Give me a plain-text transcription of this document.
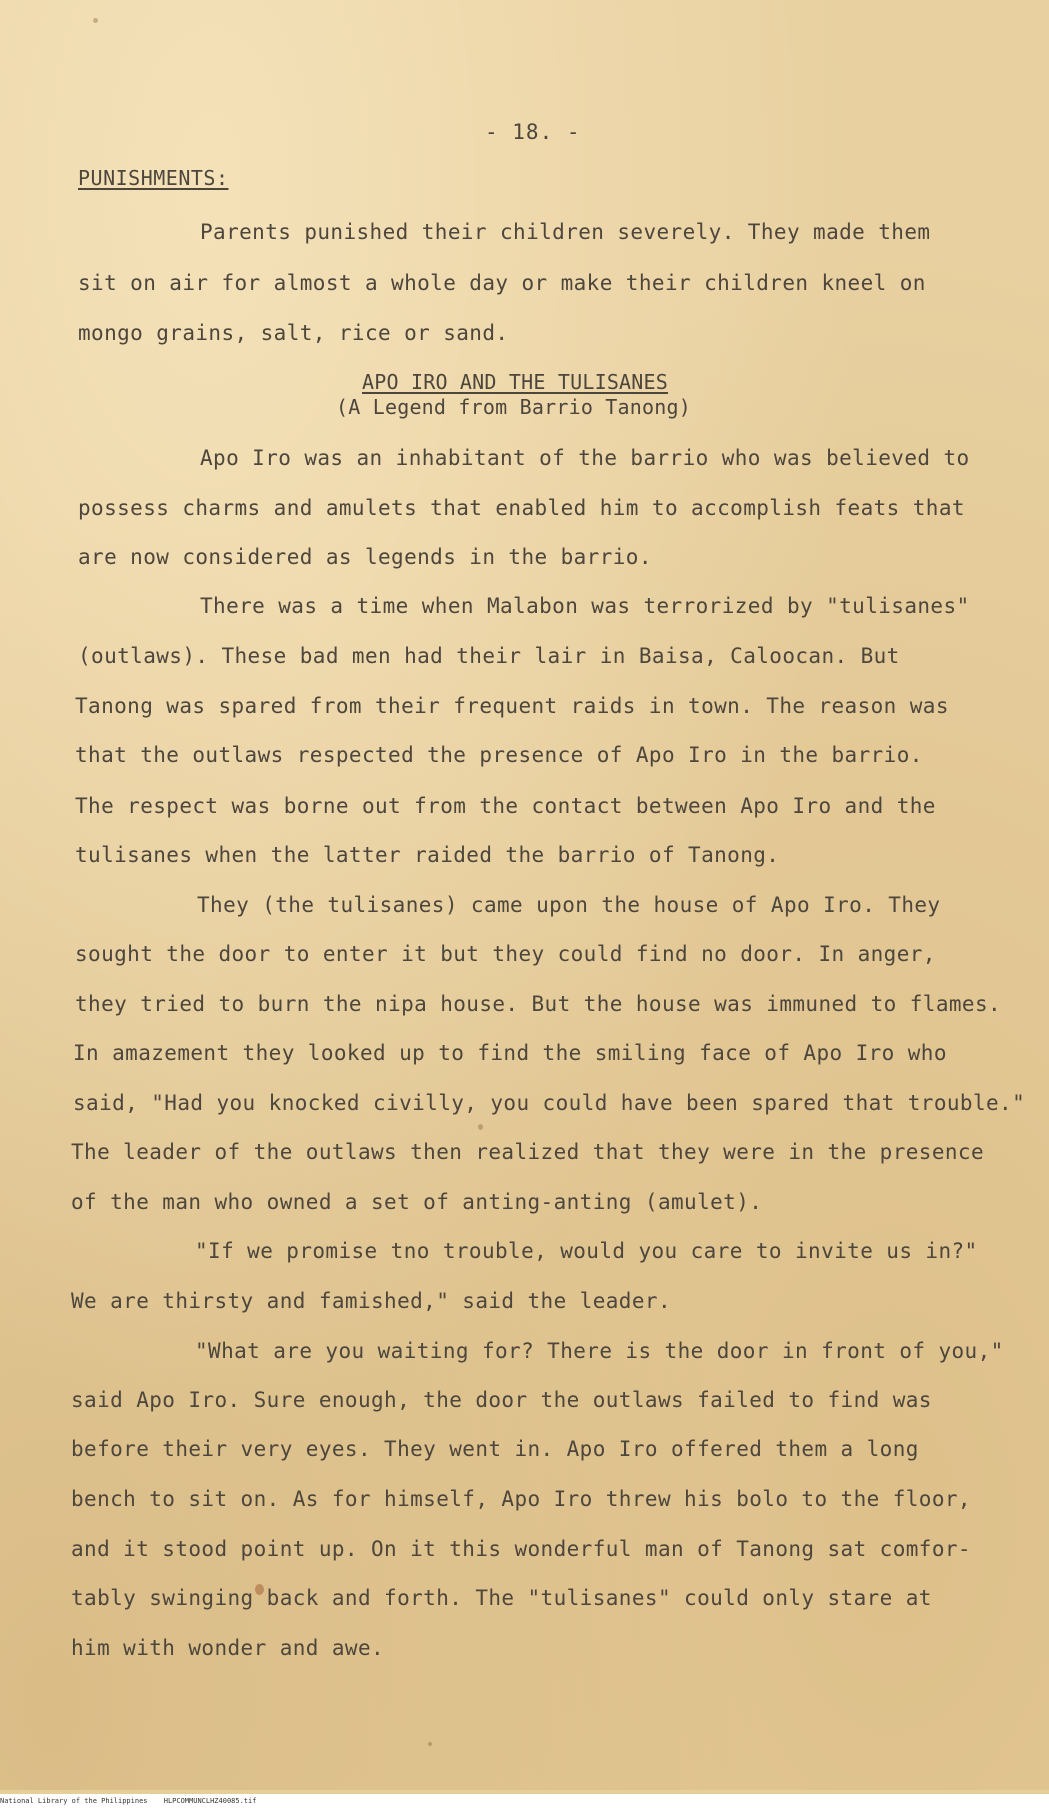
- 18. -
PUNISHMENTS:
Parents punished their children severely. They made them
sit on air for almost a whole day or make their children kneel on
mongo grains, salt, rice or sand.
APO IRO AND THE TULISANES
(A Legend from Barrio Tanong)
Apo Iro was an inhabitant of the barrio who was believed to
possess charms and amulets that enabled him to accomplish feats that
are now considered as legends in the barrio.
There was a time when Malabon was terrorized by "tulisanes"
(outlaws). These bad men had their lair in Baisa, Caloocan. But
Tanong was spared from their frequent raids in town. The reason was
that the outlaws respected the presence of Apo Iro in the barrio.
The respect was borne out from the contact between Apo Iro and the
tulisanes when the latter raided the barrio of Tanong.
They (the tulisanes) came upon the house of Apo Iro. They
sought the door to enter it but they could find no door. In anger,
they tried to burn the nipa house. But the house was immuned to flames.
In amazement they looked up to find the smiling face of Apo Iro who
said, "Had you knocked civilly, you could have been spared that trouble."
The leader of the outlaws then realized that they were in the presence
of the man who owned a set of anting-anting (amulet).
"If we promise tno trouble, would you care to invite us in?"
We are thirsty and famished," said the leader.
"What are you waiting for? There is the door in front of you,"
said Apo Iro. Sure enough, the door the outlaws failed to find was
before their very eyes. They went in. Apo Iro offered them a long
bench to sit on. As for himself, Apo Iro threw his bolo to the floor,
and it stood point up. On it this wonderful man of Tanong sat comfor-
tably swinging back and forth. The "tulisanes" could only stare at
him with wonder and awe.
National Library of the Philippines HLPCOMMUNCLHZ40085.tif
